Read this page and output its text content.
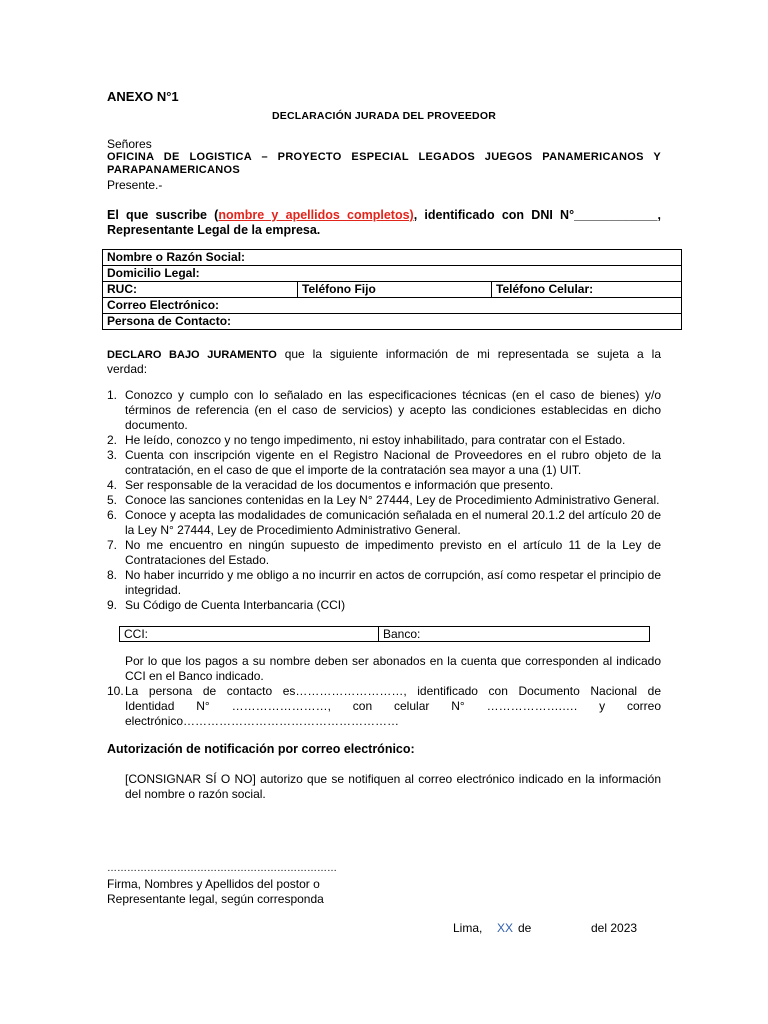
ANEXO N°1
DECLARACIÓN JURADA DEL PROVEEDOR
Señores
OFICINA DE LOGISTICA – PROYECTO ESPECIAL LEGADOS JUEGOS PANAMERICANOS Y
PARAPANAMERICANOS
Presente.-
El que suscribe (nombre y apellidos completos), identificado con DNI N°____________,
Representante Legal de la empresa.
Nombre o Razón Social:
Domicilio Legal:
RUC:	Teléfono Fijo	Teléfono Celular:
Correo Electrónico:
Persona de Contacto:
DECLARO BAJO JURAMENTO que la siguiente información de mi representada se sujeta a la
verdad:
1. Conozco y cumplo con lo señalado en las especificaciones técnicas (en el caso de bienes) y/o términos de referencia (en el caso de servicios) y acepto las condiciones establecidas en dicho documento.
2. He leído, conozco y no tengo impedimento, ni estoy inhabilitado, para contratar con el Estado.
3. Cuenta con inscripción vigente en el Registro Nacional de Proveedores en el rubro objeto de la contratación, en el caso de que el importe de la contratación sea mayor a una (1) UIT.
4. Ser responsable de la veracidad de los documentos e información que presento.
5. Conoce las sanciones contenidas en la Ley N° 27444, Ley de Procedimiento Administrativo General.
6. Conoce y acepta las modalidades de comunicación señalada en el numeral 20.1.2 del artículo 20 de la Ley N° 27444, Ley de Procedimiento Administrativo General.
7. No me encuentro en ningún supuesto de impedimento previsto en el artículo 11 de la Ley de Contrataciones del Estado.
8. No haber incurrido y me obligo a no incurrir en actos de corrupción, así como respetar el principio de integridad.
9. Su Código de Cuenta Interbancaria (CCI)
CCI:	Banco:
Por lo que los pagos a su nombre deben ser abonados en la cuenta que corresponden al indicado CCI en el Banco indicado.
10. La persona de contacto es………………………, identificado con Documento Nacional de
Identidad N° ……………………, con celular N° ……………….…. y correo
electrónico………………………………………………
Autorización de notificación por correo electrónico:
[CONSIGNAR SÍ O NO] autorizo que se notifiquen al correo electrónico indicado en la información del nombre o razón social.
……………………………………………………………
Firma, Nombres y Apellidos del postor o
Representante legal, según corresponda
Lima, XX de	del 2023
